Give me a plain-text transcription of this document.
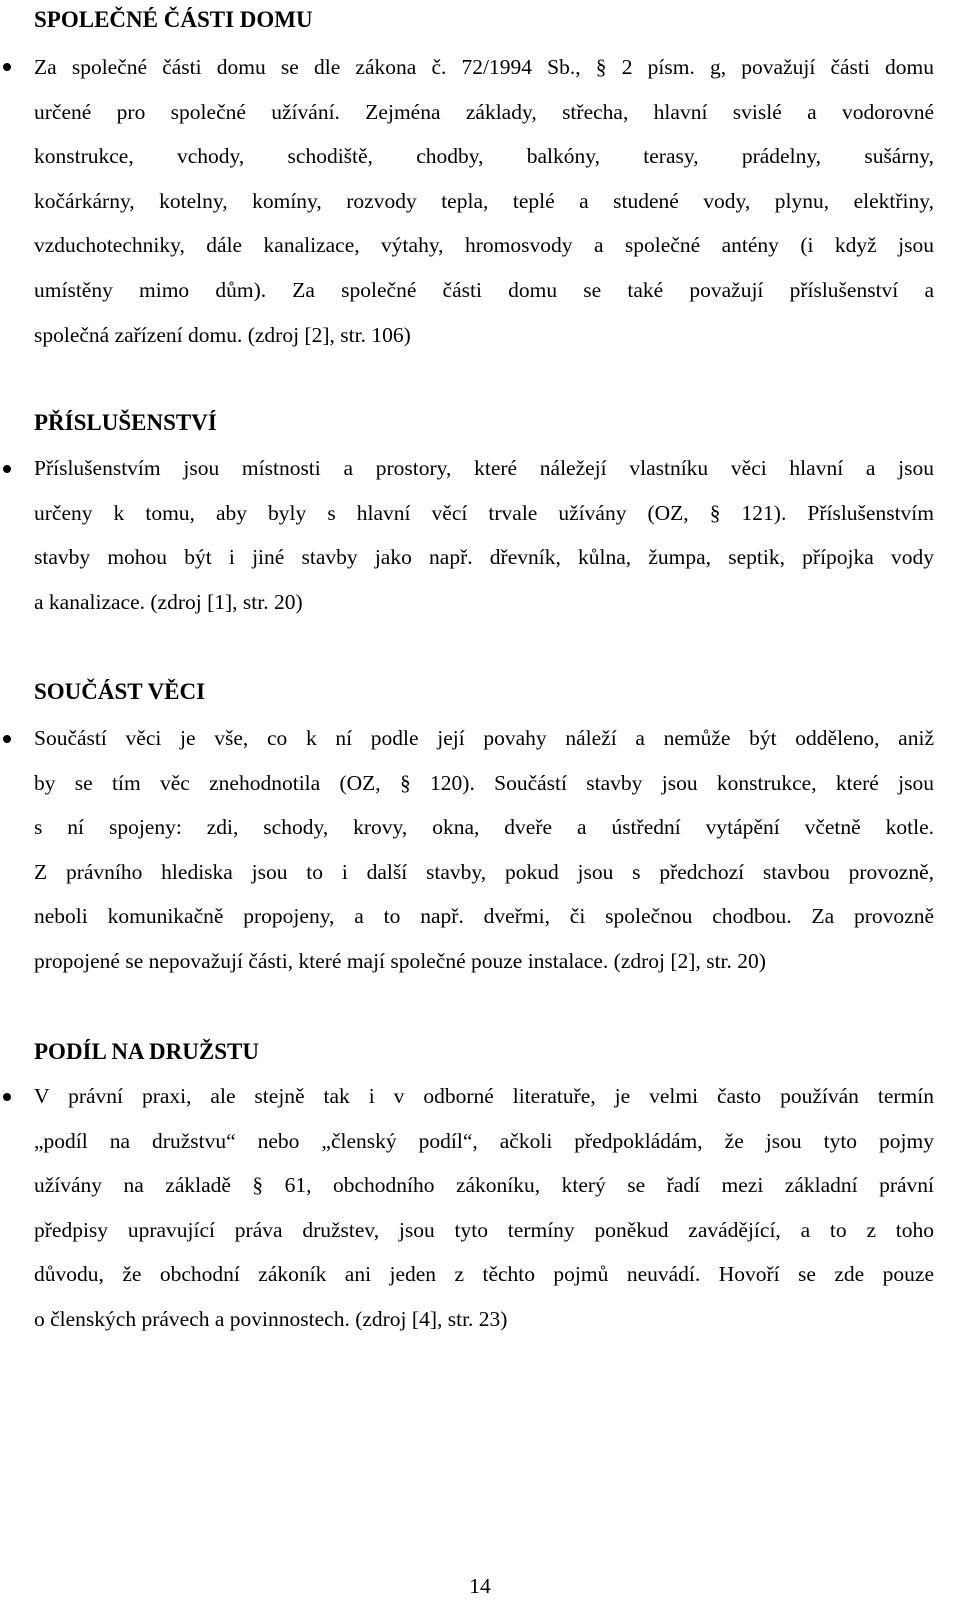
SPOLEČNÉ ČÁSTI DOMU

Za společné části domu se dle zákona č. 72/1994 Sb., § 2 písm. g, považují části domu
určené pro společné užívání. Zejména základy, střecha, hlavní svislé a vodorovné
konstrukce, vchody, schodiště, chodby, balkóny, terasy, prádelny, sušárny,
kočárkárny, kotelny, komíny, rozvody tepla, teplé a studené vody, plynu, elektřiny,
vzduchotechniky, dále kanalizace, výtahy, hromosvody a společné antény (i když jsou
umístěny mimo dům). Za společné části domu se také považují příslušenství a
společná zařízení domu. (zdroj [2], str. 106)

PŘÍSLUŠENSTVÍ

Příslušenstvím jsou místnosti a prostory, které náležejí vlastníku věci hlavní a jsou
určeny k tomu, aby byly s hlavní věcí trvale užívány (OZ, § 121). Příslušenstvím
stavby mohou být i jiné stavby jako např. dřevník, kůlna, žumpa, septik, přípojka vody
a kanalizace. (zdroj [1], str. 20)

SOUČÁST VĚCI

Součástí věci je vše, co k ní podle její povahy náleží a nemůže být odděleno, aniž
by se tím věc znehodnotila (OZ, § 120). Součástí stavby jsou konstrukce, které jsou
s ní spojeny: zdi, schody, krovy, okna, dveře a ústřední vytápění včetně kotle.
Z právního hlediska jsou to i další stavby, pokud jsou s předchozí stavbou provozně,
neboli komunikačně propojeny, a to např. dveřmi, či společnou chodbou. Za provozně
propojené se nepovažují části, které mají společné pouze instalace. (zdroj [2], str. 20)

PODÍL NA DRUŽSTU

V právní praxi, ale stejně tak i v odborné literatuře, je velmi často používán termín
„podíl na družstvu“ nebo „členský podíl“, ačkoli předpokládám, že jsou tyto pojmy
užívány na základě § 61, obchodního zákoníku, který se řadí mezi základní právní
předpisy upravující práva družstev, jsou tyto termíny poněkud zavádějící, a to z toho
důvodu, že obchodní zákoník ani jeden z těchto pojmů neuvádí. Hovoří se zde pouze
o členských právech a povinnostech. (zdroj [4], str. 23)

14
